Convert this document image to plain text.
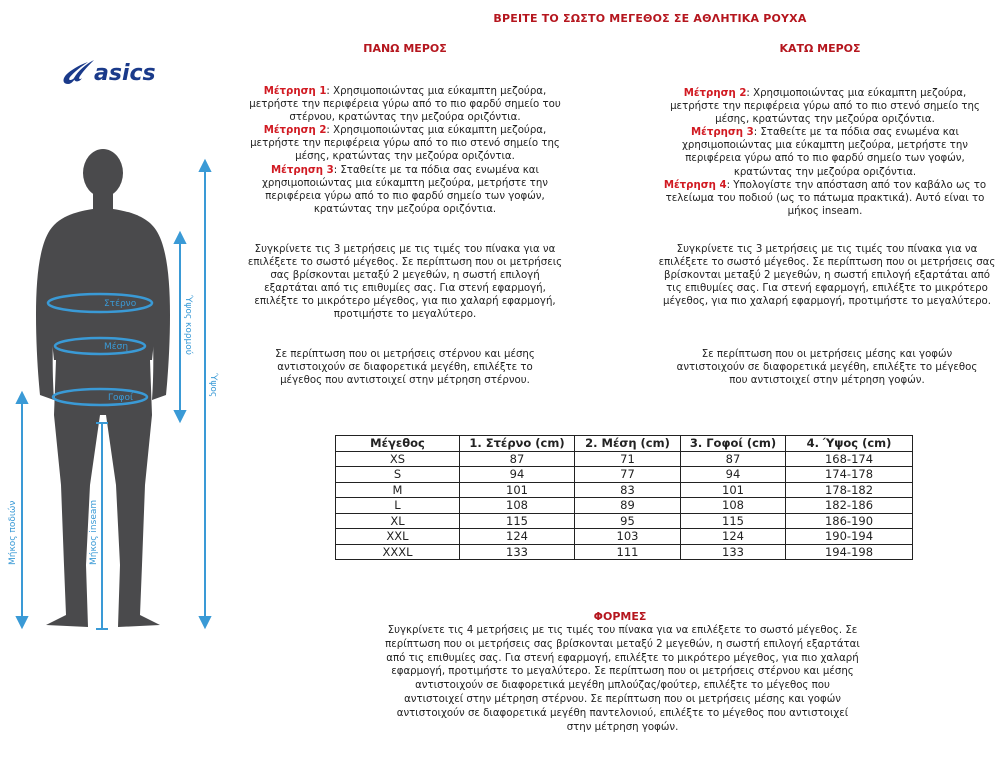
ΒΡΕΙΤΕ ΤΟ ΣΩΣΤΟ ΜΕΓΕΘΟΣ ΣΕ ΑΘΛΗΤΙΚΑ ΡΟΥΧΑ
asics
Στέρνο
Μέση
Γοφοί
Ύψος κορμού
Ύψος
Μήκος ποδιών	Μήκος inseam
ΠΑΝΩ ΜΕΡΟΣ

Μέτρηση 1: Χρησιμοποιώντας μια εύκαμπτη μεζούρα, μετρήστε την περιφέρεια γύρω από το πιο φαρδύ σημείο του στέρνου, κρατώντας την μεζούρα οριζόντια.

Μέτρηση 2: Χρησιμοποιώντας μια εύκαμπτη μεζούρα, μετρήστε την περιφέρεια γύρω από το πιο στενό σημείο της μέσης, κρατώντας την μεζούρα οριζόντια.

Μέτρηση 3: Σταθείτε με τα πόδια σας ενωμένα και χρησιμοποιώντας μια εύκαμπτη μεζούρα, μετρήστε την περιφέρεια γύρω από το πιο φαρδύ σημείο των γοφών, κρατώντας την μεζούρα οριζόντια.

Συγκρίνετε τις 3 μετρήσεις με τις τιμές του πίνακα για να επιλέξετε το σωστό μέγεθος. Σε περίπτωση που οι μετρήσεις σας βρίσκονται μεταξύ 2 μεγεθών, η σωστή επιλογή εξαρτάται από τις επιθυμίες σας. Για στενή εφαρμογή, επιλέξτε το μικρότερο μέγεθος, για πιο χαλαρή εφαρμογή, προτιμήστε το μεγαλύτερο.
Σε περίπτωση που οι μετρήσεις στέρνου και μέσης αντιστοιχούν σε διαφορετικά μεγέθη, επιλέξτε το μέγεθος που αντιστοιχεί στην μέτρηση στέρνου.
ΚΑΤΩ ΜΕΡΟΣ

Μέτρηση 2: Χρησιμοποιώντας μια εύκαμπτη μεζούρα, μετρήστε την περιφέρεια γύρω από το πιο στενό σημείο της μέσης, κρατώντας την μεζούρα οριζόντια.

Μέτρηση 3: Σταθείτε με τα πόδια σας ενωμένα και χρησιμοποιώντας μια εύκαμπτη μεζούρα, μετρήστε την περιφέρεια γύρω από το πιο φαρδύ σημείο των γοφών, κρατώντας την μεζούρα οριζόντια.

Μέτρηση 4: Υπολογίστε την απόσταση από τον καβάλο ως το τελείωμα του ποδιού (ως το πάτωμα πρακτικά). Αυτό είναι το μήκος inseam.

Συγκρίνετε τις 3 μετρήσεις με τις τιμές του πίνακα για να επιλέξετε το σωστό μέγεθος. Σε περίπτωση που οι μετρήσεις σας βρίσκονται μεταξύ 2 μεγεθών, η σωστή επιλογή εξαρτάται από τις επιθυμίες σας. Για στενή εφαρμογή, επιλέξτε το μικρότερο μέγεθος, για πιο χαλαρή εφαρμογή, προτιμήστε το μεγαλύτερο.
Σε περίπτωση που οι μετρήσεις μέσης και γοφών αντιστοιχούν σε διαφορετικά μεγέθη, επιλέξτε το μέγεθος που αντιστοιχεί στην μέτρηση γοφών.
Μέγεθος	1. Στέρνο (cm)	2. Μέση (cm)	3. Γοφοί (cm)	4. Ύψος (cm)
XS	87	71	87	168-174
S	94	77	94	174-178
M	101	83	101	178-182
L	108	89	108	182-186
XL	115	95	115	186-190
XXL	124	103	124	190-194
XXXL	133	111	133	194-198
ΦΟΡΜΕΣ
Συγκρίνετε τις 4 μετρήσεις με τις τιμές του πίνακα για να επιλέξετε το σωστό μέγεθος. Σε περίπτωση που οι μετρήσεις σας βρίσκονται μεταξύ 2 μεγεθών, η σωστή επιλογή εξαρτάται από τις επιθυμίες σας. Για στενή εφαρμογή, επιλέξτε το μικρότερο μέγεθος, για πιο χαλαρή εφαρμογή, προτιμήστε το μεγαλύτερο. Σε περίπτωση που οι μετρήσεις στέρνου και μέσης αντιστοιχούν σε διαφορετικά μεγέθη μπλούζας/φούτερ, επιλέξτε το μέγεθος που αντιστοιχεί στην μέτρηση στέρνου. Σε περίπτωση που οι μετρήσεις μέσης και γοφών αντιστοιχούν σε διαφορετικά μεγέθη παντελονιού, επιλέξτε το μέγεθος που αντιστοιχεί στην μέτρηση γοφών.
